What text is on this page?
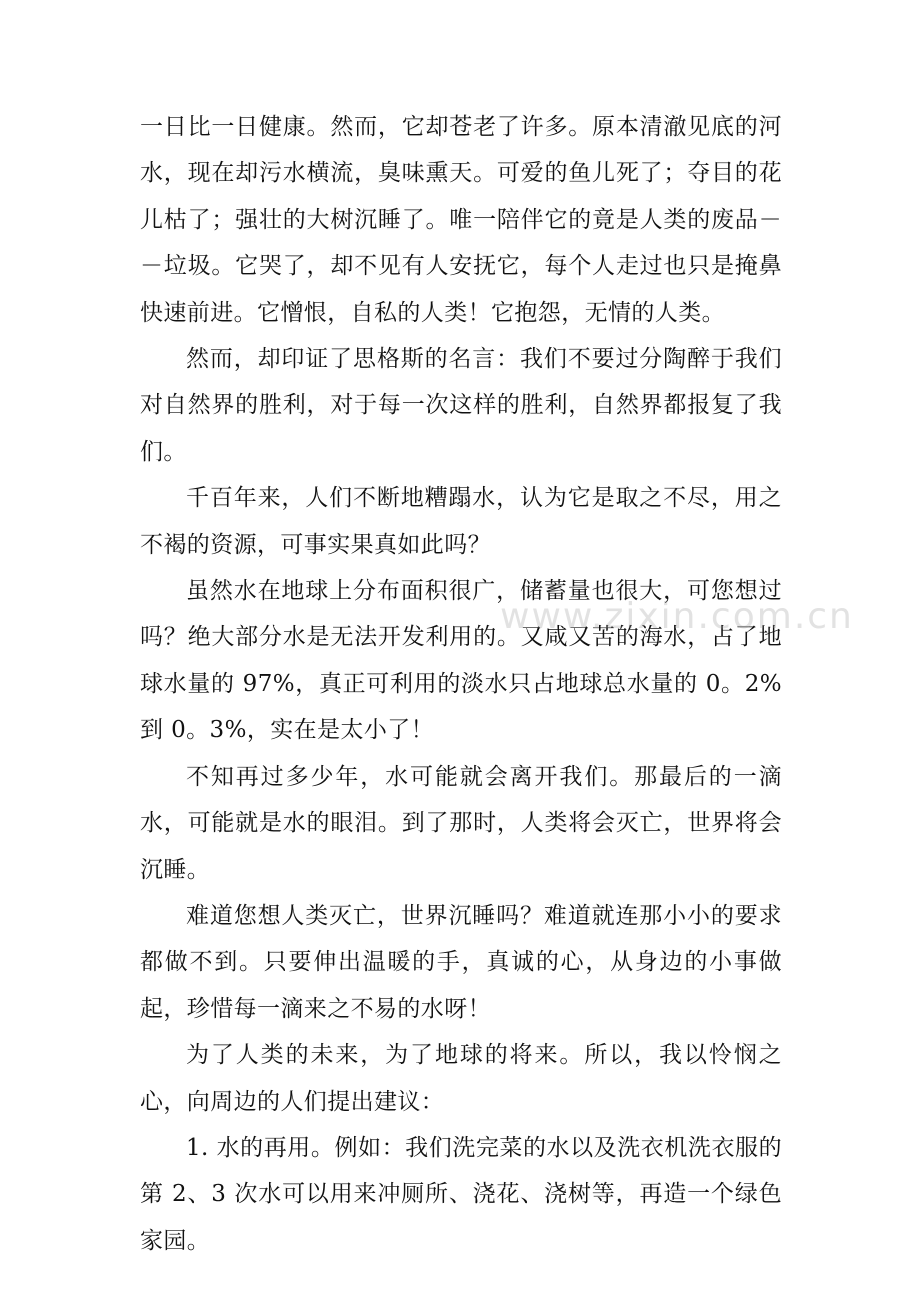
一日比一日健康。然而，它却苍老了许多。原本清澈见底的河水，现在却污水横流，臭味熏天。可爱的鱼儿死了；夺目的花儿枯了；强壮的大树沉睡了。唯一陪伴它的竟是人类的废品－－垃圾。它哭了，却不见有人安抚它，每个人走过也只是掩鼻快速前进。它憎恨，自私的人类！它抱怨，无情的人类。

然而，却印证了思格斯的名言：我们不要过分陶醉于我们对自然界的胜利，对于每一次这样的胜利，自然界都报复了我们。

千百年来，人们不断地糟蹋水，认为它是取之不尽，用之不褐的资源，可事实果真如此吗？

虽然水在地球上分布面积很广，储蓄量也很大，可您想过吗？绝大部分水是无法开发利用的。又咸又苦的海水，占了地球水量的 97%，真正可利用的淡水只占地球总水量的 0。2%到 0。3%，实在是太小了！

不知再过多少年，水可能就会离开我们。那最后的一滴水，可能就是水的眼泪。到了那时，人类将会灭亡，世界将会沉睡。

难道您想人类灭亡，世界沉睡吗？难道就连那小小的要求都做不到。只要伸出温暖的手，真诚的心，从身边的小事做起，珍惜每一滴来之不易的水呀！

为了人类的未来，为了地球的将来。所以，我以怜悯之心，向周边的人们提出建议：

1. 水的再用。例如：我们洗完菜的水以及洗衣机洗衣服的第 2、3 次水可以用来冲厕所、浇花、浇树等，再造一个绿色家园。

www.zixin.com.cn
